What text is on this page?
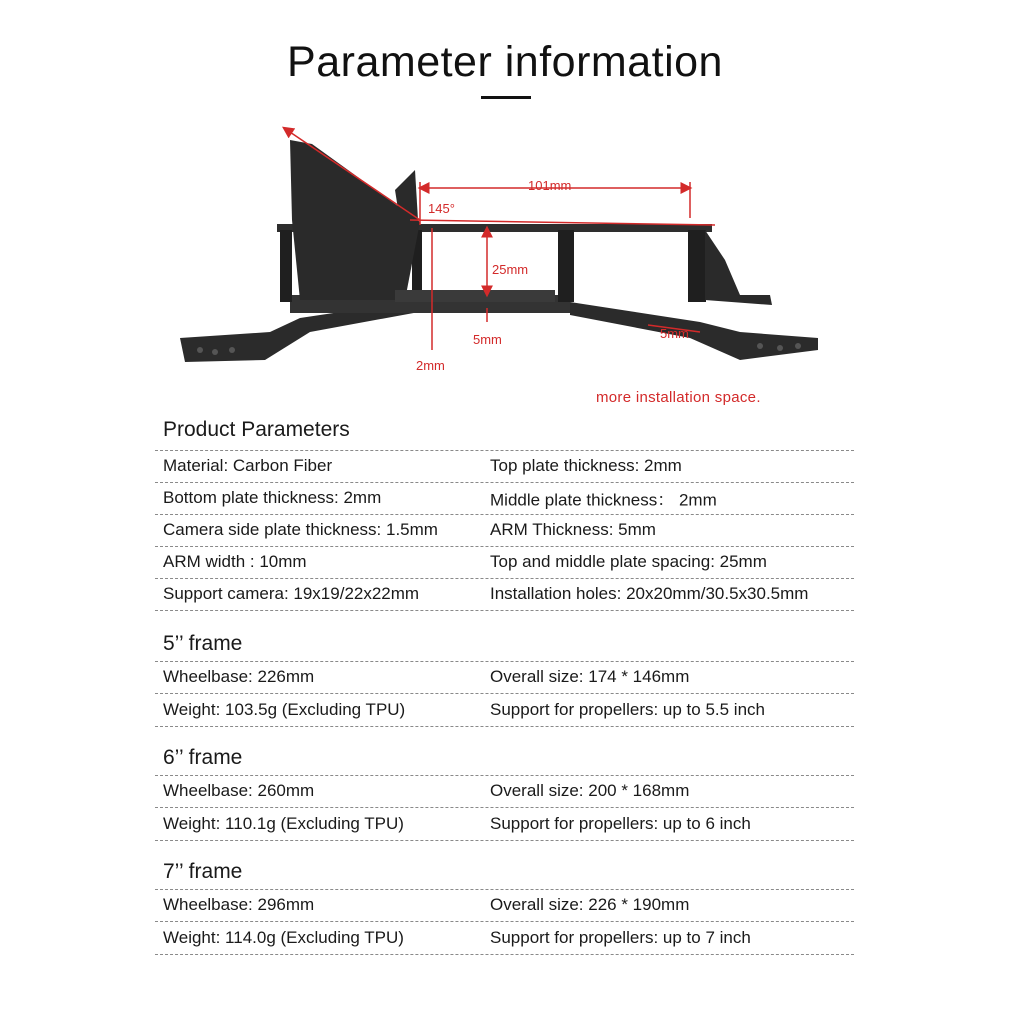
Parameter information
101mm
145°
25mm
5mm
2mm
5mm
more installation space.
Product Parameters
Material: Carbon Fiber	Top plate thickness: 2mm
Bottom plate thickness: 2mm	Middle plate thickness： 2mm
Camera side plate thickness: 1.5mm	ARM Thickness: 5mm
ARM width : 10mm	Top and middle plate spacing: 25mm
Support camera: 19x19/22x22mm	Installation holes: 20x20mm/30.5x30.5mm
5’’ frame
Wheelbase: 226mm	Overall size: 174 * 146mm
Weight: 103.5g (Excluding TPU)	Support for propellers: up to 5.5 inch
6’’ frame
Wheelbase: 260mm	Overall size: 200 * 168mm
Weight: 110.1g (Excluding TPU)	Support for propellers: up to 6 inch
7’’ frame
Wheelbase: 296mm	Overall size: 226 * 190mm
Weight: 114.0g (Excluding TPU)	Support for propellers: up to 7 inch
